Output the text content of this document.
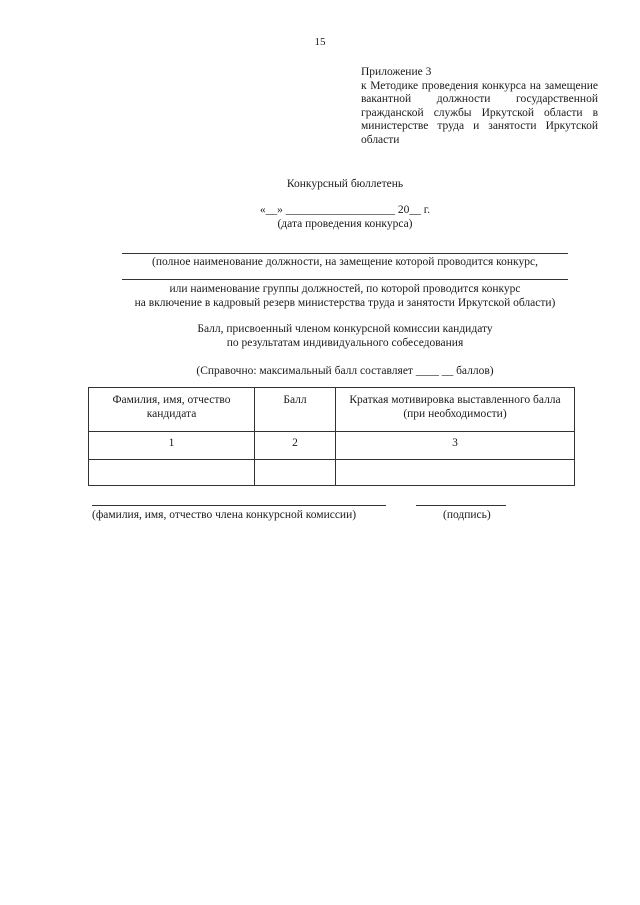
15
Приложение 3
к Методике проведения конкурса на замещение вакантной должности государственной гражданской службы Иркутской области в министерстве труда и занятости Иркутской области
Конкурсный бюллетень
«__» ___________________ 20__ г.
(дата проведения конкурса)
(полное наименование должности, на замещение которой проводится конкурс,
или наименование группы должностей, по которой проводится конкурс
на включение в кадровый резерв министерства труда и занятости Иркутской области)
Балл, присвоенный членом конкурсной комиссии кандидату
по результатам индивидуального собеседования
(Справочно: максимальный балл составляет ____ __ баллов)
Фамилия, имя, отчество кандидата	Балл	Краткая мотивировка выставленного балла (при необходимости)
1	2	3

(фамилия, имя, отчество члена конкурсной комиссии)	(подпись)
